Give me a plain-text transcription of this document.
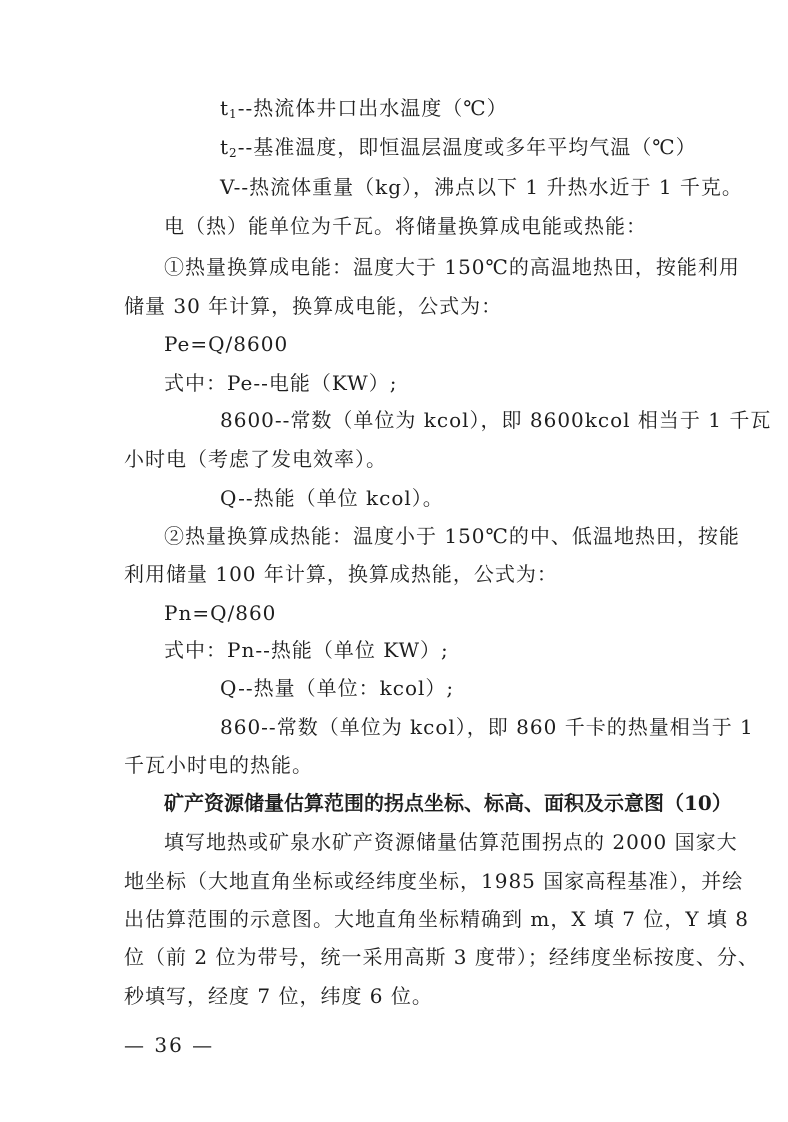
$t_1--$热流体井口出水温度（℃）
$t_2--$基准温度，即恒温层温度或多年平均气温（℃）
V--热流体重量（kg），沸点以下 1 升热水近于 1 千克。
电（热）能单位为千瓦。将储量换算成电能或热能：
①热量换算成电能：温度大于 150℃的高温地热田，按能利用
储量 30 年计算，换算成电能，公式为：
Pe=Q/8600
式中：Pe--电能（KW）;
8600--常数（单位为 kcol），即 8600kcol 相当于 1 千瓦
小时电（考虑了发电效率）。
Q--热能（单位 kcol）。
②热量换算成热能：温度小于 150℃的中、低温地热田，按能
利用储量 100 年计算，换算成热能，公式为：
Pn=Q/860
式中：Pn--热能（单位 KW）;
Q--热量（单位：kcol）;
860--常数（单位为 kcol），即 860 千卡的热量相当于 1
千瓦小时电的热能。
矿产资源储量估算范围的拐点坐标、标高、面积及示意图（10）
填写地热或矿泉水矿产资源储量估算范围拐点的 2000 国家大
地坐标（大地直角坐标或经纬度坐标，1985 国家高程基准），并绘
出估算范围的示意图。大地直角坐标精确到 m，X 填 7 位，Y 填 8
位（前 2 位为带号，统一采用高斯 3 度带）；经纬度坐标按度、分、
秒填写，经度 7 位，纬度 6 位。
— 36 —
